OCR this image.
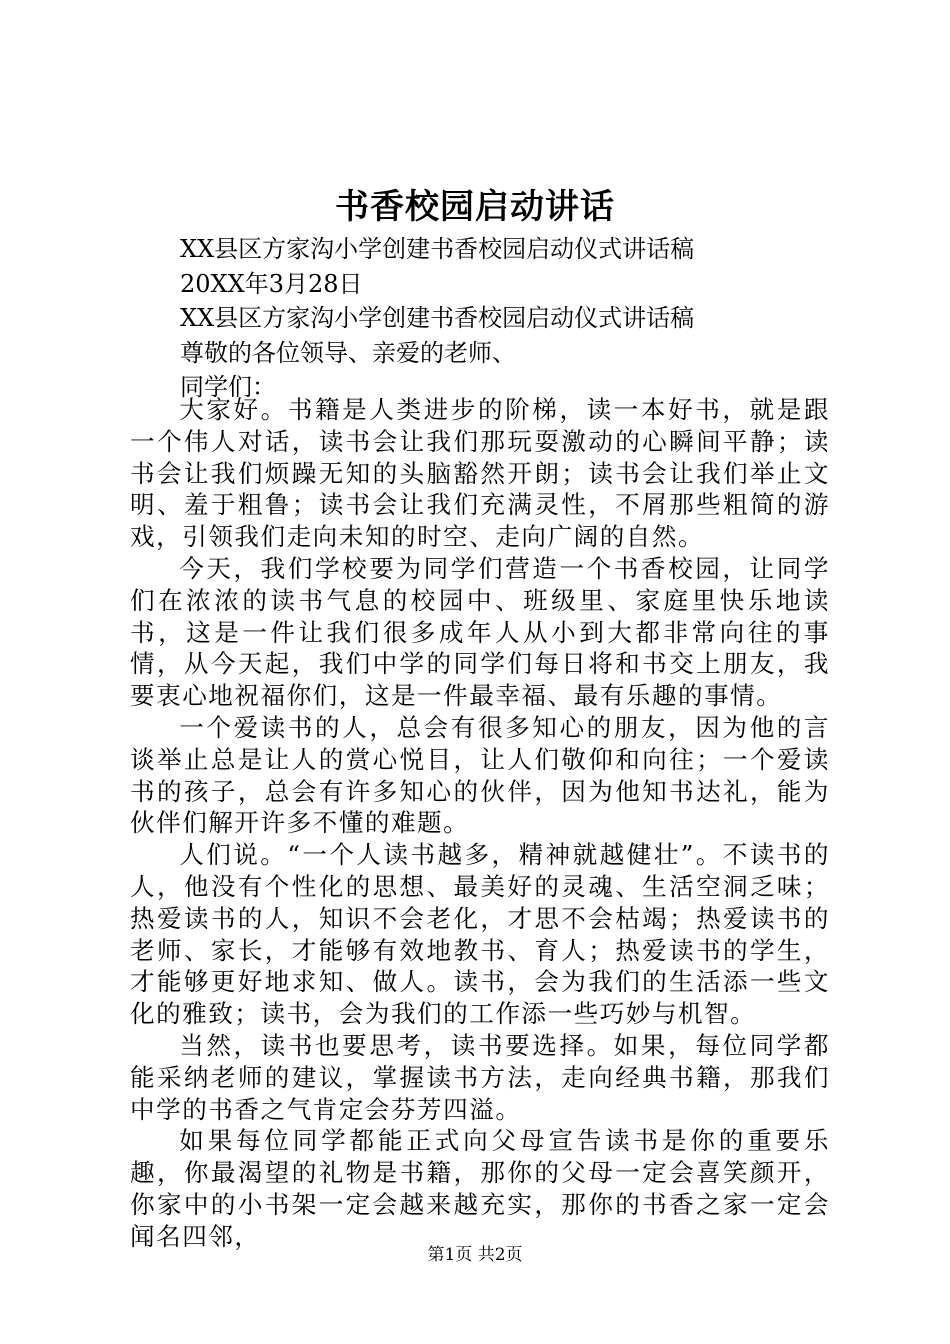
书香校园启动讲话
XX县区方家沟小学创建书香校园启动仪式讲话稿
20XX年3月28日
XX县区方家沟小学创建书香校园启动仪式讲话稿
尊敬的各位领导、亲爱的老师、
同学们：

大家好。书籍是人类进步的阶梯，读一本好书，就是跟一个伟人对话，读书会让我们那玩耍激动的心瞬间平静；读书会让我们烦躁无知的头脑豁然开朗；读书会让我们举止文明、羞于粗鲁；读书会让我们充满灵性，不屑那些粗简的游戏，引领我们走向未知的时空、走向广阔的自然。

今天，我们学校要为同学们营造一个书香校园，让同学们在浓浓的读书气息的校园中、班级里、家庭里快乐地读书，这是一件让我们很多成年人从小到大都非常向往的事情，从今天起，我们中学的同学们每日将和书交上朋友，我要衷心地祝福你们，这是一件最幸福、最有乐趣的事情。

一个爱读书的人，总会有很多知心的朋友，因为他的言谈举止总是让人的赏心悦目，让人们敬仰和向往；一个爱读书的孩子，总会有许多知心的伙伴，因为他知书达礼，能为伙伴们解开许多不懂的难题。

人们说。“一个人读书越多，精神就越健壮”。不读书的人，他没有个性化的思想、最美好的灵魂、生活空洞乏味；热爱读书的人，知识不会老化，才思不会枯竭；热爱读书的老师、家长，才能够有效地教书、育人；热爱读书的学生，才能够更好地求知、做人。读书，会为我们的生活添一些文化的雅致；读书，会为我们的工作添一些巧妙与机智。

当然，读书也要思考，读书要选择。如果，每位同学都能采纳老师的建议，掌握读书方法，走向经典书籍，那我们中学的书香之气肯定会芬芳四溢。

如果每位同学都能正式向父母宣告读书是你的重要乐趣，你最渴望的礼物是书籍，那你的父母一定会喜笑颜开，你家中的小书架一定会越来越充实，那你的书香之家一定会闻名四邻，

第1页 共2页
